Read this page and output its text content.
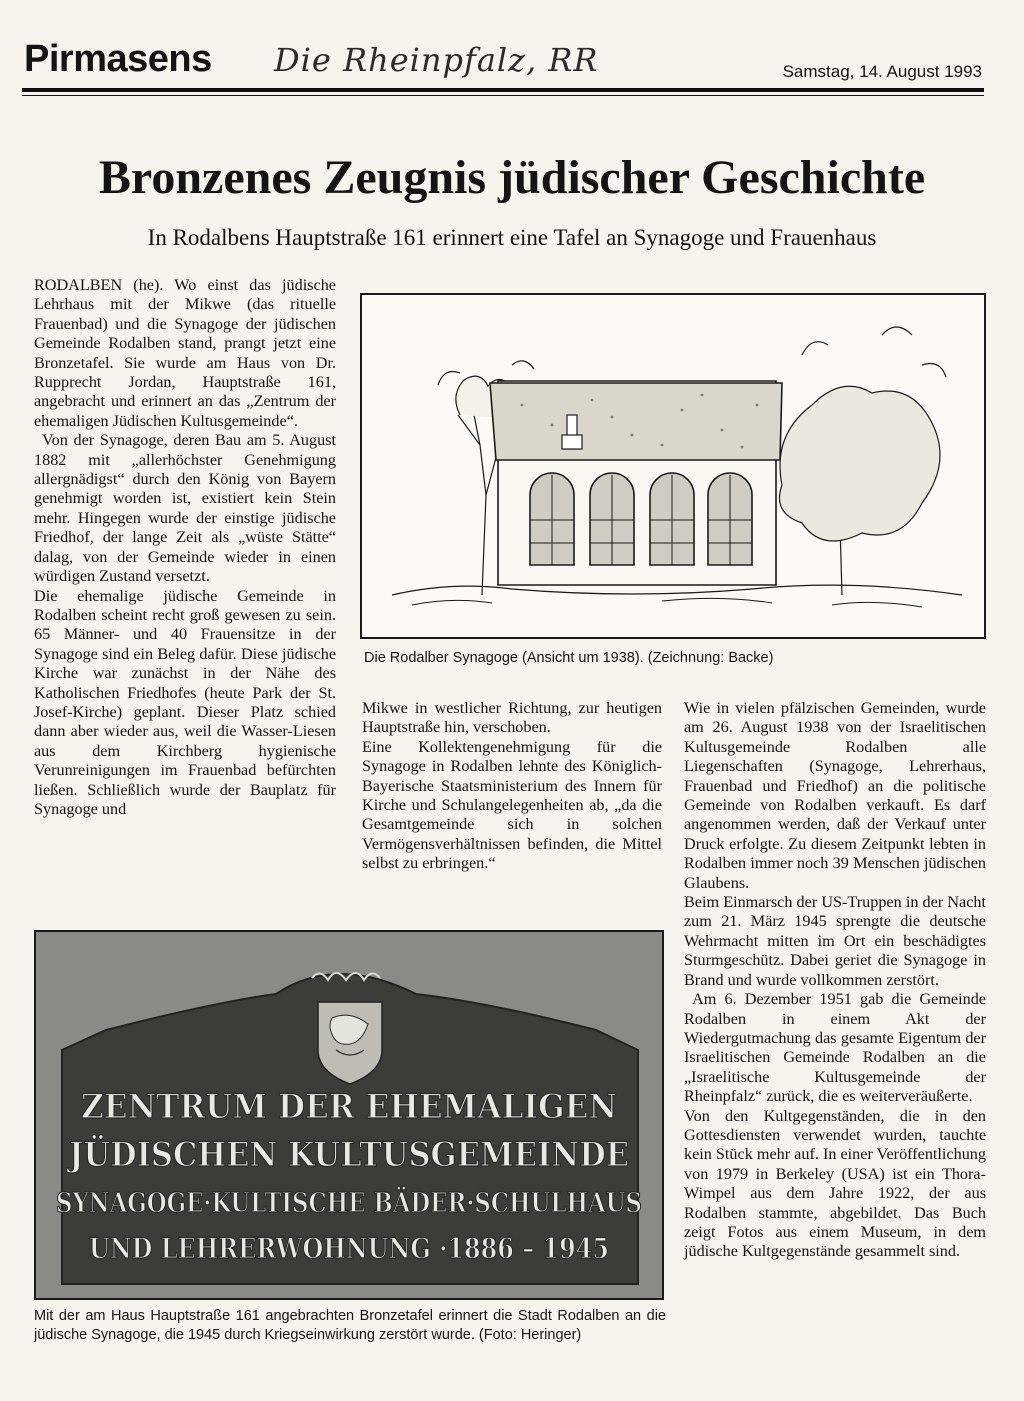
Pirmasens Die Rheinpfalz, RR	Samstag, 14. August 1993
Bronzenes Zeugnis jüdischer Geschichte
In Rodalbens Hauptstraße 161 erinnert eine Tafel an Synagoge und Frauenhaus

RODALBEN (he). Wo einst das jüdische Lehrhaus mit der Mikwe (das rituelle Frauenbad) und die Synagoge der jüdischen Gemeinde Rodalben stand, prangt jetzt eine Bronzetafel. Sie wurde am Haus von Dr. Rupprecht Jordan, Hauptstraße 161, angebracht und erinnert an das „Zentrum der ehemaligen Jüdischen Kultusgemeinde“.

Von der Synagoge, deren Bau am 5. August 1882 mit „allerhöchster Genehmigung allergnädigst“ durch den König von Bayern genehmigt worden ist, existiert kein Stein mehr. Hingegen wurde der einstige jüdische Friedhof, der lange Zeit als „wüste Stätte“ dalag, von der Gemeinde wieder in einen würdigen Zustand versetzt.

Die ehemalige jüdische Gemeinde in Rodalben scheint recht groß gewesen zu sein. 65 Männer- und 40 Frauensitze in der Synagoge sind ein Beleg dafür. Diese jüdische Kirche war zunächst in der Nähe des Katholischen Friedhofes (heute Park der St. Josef-Kirche) geplant. Dieser Platz schied dann aber wieder aus, weil die Wasser-Liesen aus dem Kirchberg hygienische Verunreinigungen im Frauenbad befürchten ließen. Schließlich wurde der Bauplatz für Synagoge und

Die Rodalber Synagoge (Ansicht um 1938). (Zeichnung: Backe)

Mikwe in westlicher Richtung, zur heutigen Hauptstraße hin, verschoben.

Eine Kollektengenehmigung für die Synagoge in Rodalben lehnte des Königlich-Bayerische Staatsministerium des Innern für Kirche und Schulangelegenheiten ab, „da die Gesamtgemeinde sich in solchen Vermögensverhältnissen befinden, die Mittel selbst zu erbringen.“

Wie in vielen pfälzischen Gemeinden, wurde am 26. August 1938 von der Israelitischen Kultusgemeinde Rodalben alle Liegenschaften (Synagoge, Lehrerhaus, Frauenbad und Friedhof) an die politische Gemeinde von Rodalben verkauft. Es darf angenommen werden, daß der Verkauf unter Druck erfolgte. Zu diesem Zeitpunkt lebten in Rodalben immer noch 39 Menschen jüdischen Glaubens.

Beim Einmarsch der US-Truppen in der Nacht zum 21. März 1945 sprengte die deutsche Wehrmacht mitten im Ort ein beschädigtes Sturmgeschütz. Dabei geriet die Synagoge in Brand und wurde vollkommen zerstört.

Am 6. Dezember 1951 gab die Gemeinde Rodalben in einem Akt der Wiedergutmachung das gesamte Eigentum der Israelitischen Gemeinde Rodalben an die „Israelitische Kultusgemeinde der Rheinpfalz“ zurück, die es weiterveräußerte.

Von den Kultgegenständen, die in den Gottesdiensten verwendet wurden, tauchte kein Stück mehr auf. In einer Veröffentlichung von 1979 in Berkeley (USA) ist ein Thora-Wimpel aus dem Jahre 1922, der aus Rodalben stammte, abgebildet. Das Buch zeigt Fotos aus einem Museum, in dem jüdische Kultgegenstände gesammelt sind.

ZENTRUM DER EHEMALIGEN
JÜDISCHEN KULTUSGEMEINDE
SYNAGOGE·KULTISCHE BÄDER·SCHULHAUS
UND LEHRERWOHNUNG ·1886 – 1945
Mit der am Haus Hauptstraße 161 angebrachten Bronzetafel erinnert die Stadt Rodalben an die jüdische Synagoge, die 1945 durch Kriegseinwirkung zerstört wurde. (Foto: Heringer)
